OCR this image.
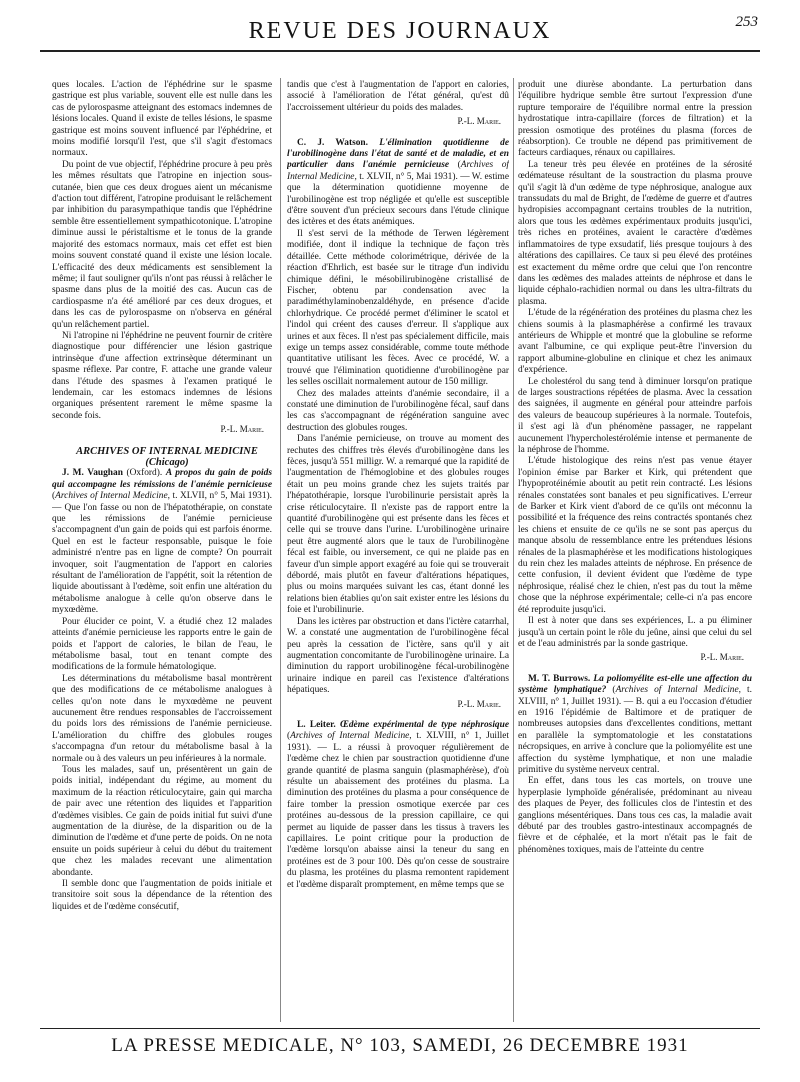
REVUE DES JOURNAUX	253

ques locales. L'action de l'éphédrine sur le spasme gastrique est plus variable, souvent elle est nulle dans les cas de pylorospasme atteignant des estomacs indemnes de lésions locales. Quand il existe de telles lésions, le spasme gastrique est moins souvent influencé par l'éphédrine, et moins modifié lorsqu'il l'est, que s'il s'agit d'estomacs normaux.

Du point de vue objectif, l'éphédrine procure à peu près les mêmes résultats que l'atropine en injection sous-cutanée, bien que ces deux drogues aient un mécanisme d'action tout différent, l'atropine produisant le relâchement par inhibition du parasympathique tandis que l'éphédrine semble être essentiellement sympathicotonique. L'atropine diminue aussi le péristaltisme et le tonus de la grande majorité des estomacs normaux, mais cet effet est bien moins souvent constaté quand il existe une lésion locale. L'efficacité des deux médicaments est sensiblement la même; il faut souligner qu'ils n'ont pas réussi à relâcher le spasme dans plus de la moitié des cas. Aucun cas de cardiospasme n'a été amélioré par ces deux drogues, et dans les cas de pylorospasme on n'observa en général qu'un relâchement partiel.

Ni l'atropine ni l'éphédrine ne peuvent fournir de critère diagnostique pour différencier une lésion gastrique intrinsèque d'une affection extrinsèque déterminant un spasme réflexe. Par contre, F. attache une grande valeur dans l'étude des spasmes à l'examen pratiqué le lendemain, car les estomacs indemnes de lésions organiques présentent rarement le même spasme la seconde fois.

P.-L. Marie.

ARCHIVES OF INTERNAL MEDICINE

(Chicago)

J. M. Vaughan (Oxford). A propos du gain de poids qui accompagne les rémissions de l'anémie pernicieuse (Archives of Internal Medicine, t. XLVII, n° 5, Mai 1931). — Que l'on fasse ou non de l'hépatothérapie, on constate que les rémissions de l'anémie pernicieuse s'accompagnent d'un gain de poids qui est parfois énorme. Quel en est le facteur responsable, puisque le foie administré n'entre pas en ligne de compte? On pourrait invoquer, soit l'augmentation de l'apport en calories résultant de l'amélioration de l'appétit, soit la rétention de liquide aboutissant à l'œdème, soit enfin une altération du métabolisme analogue à celle qu'on observe dans le myxœdème.

Pour élucider ce point, V. a étudié chez 12 malades atteints d'anémie pernicieuse les rapports entre le gain de poids et l'apport de calories, le bilan de l'eau, le métabolisme basal, tout en tenant compte des modifications de la formule hématologique.

Les déterminations du métabolisme basal montrèrent que des modifications de ce métabolisme analogues à celles qu'on note dans le myxœdème ne peuvent aucunement être rendues responsables de l'accroissement du poids lors des rémissions de l'anémie pernicieuse. L'amélioration du chiffre des globules rouges s'accompagna d'un retour du métabolisme basal à la normale ou à des valeurs un peu inférieures à la normale.

Tous les malades, sauf un, présentèrent un gain de poids initial, indépendant du régime, au moment du maximum de la réaction réticulocytaire, gain qui marcha de pair avec une rétention des liquides et l'apparition d'œdèmes visibles. Ce gain de poids initial fut suivi d'une augmentation de la diurèse, de la disparition ou de la diminution de l'œdème et d'une perte de poids. On ne nota ensuite un poids supérieur à celui du début du traitement que chez les malades recevant une alimentation abondante.

Il semble donc que l'augmentation de poids initiale et transitoire soit sous la dépendance de la rétention des liquides et de l'œdème consécutif,

tandis que c'est à l'augmentation de l'apport en calories, associé à l'amélioration de l'état général, qu'est dû l'accroissement ultérieur du poids des malades.

P.-L. Marie.

C. J. Watson. L'élimination quotidienne de l'urobilinogène dans l'état de santé et de maladie, et en particulier dans l'anémie pernicieuse (Archives of Internal Medicine, t. XLVII, n° 5, Mai 1931). — W. estime que la détermination quotidienne moyenne de l'urobilinogène est trop négligée et qu'elle est susceptible d'être souvent d'un précieux secours dans l'étude clinique des ictères et des états anémiques.

Il s'est servi de la méthode de Terwen légèrement modifiée, dont il indique la technique de façon très détaillée. Cette méthode colorimétrique, dérivée de la réaction d'Ehrlich, est basée sur le titrage d'un individu chimique défini, le mésobilirubinogène cristallisé de Fischer, obtenu par condensation avec la paradiméthylaminobenzaldéhyde, en présence d'acide chlorhydrique. Ce procédé permet d'éliminer le scatol et l'indol qui créent des causes d'erreur. Il s'applique aux urines et aux fèces. Il n'est pas spécialement difficile, mais exige un temps assez considérable, comme toute méthode quantitative utilisant les fèces. Avec ce procédé, W. a trouvé que l'élimination quotidienne d'urobilinogène par les selles oscillait normalement autour de 150 milligr.

Chez des malades atteints d'anémie secondaire, il a constaté une diminution de l'urobilinogène fécal, sauf dans les cas s'accompagnant de régénération sanguine avec destruction des globules rouges.

Dans l'anémie pernicieuse, on trouve au moment des rechutes des chiffres très élevés d'urobilinogène dans les fèces, jusqu'à 551 milligr. W. a remarqué que la rapidité de l'augmentation de l'hémoglobine et des globules rouges était un peu moins grande chez les sujets traités par l'hépatothérapie, lorsque l'urobilinurie persistait après la crise réticulocytaire. Il n'existe pas de rapport entre la quantité d'urobilinogène qui est présente dans les fèces et celle qui se trouve dans l'urine. L'urobilinogène urinaire peut être augmenté alors que le taux de l'urobilinogène fécal est faible, ou inversement, ce qui ne plaide pas en faveur d'un simple apport exagéré au foie qui se trouverait débordé, mais plutôt en faveur d'altérations hépatiques, plus ou moins marquées suivant les cas, étant donné les relations bien établies qu'on sait exister entre les lésions du foie et l'urobilinurie.

Dans les ictères par obstruction et dans l'ictère catarrhal, W. a constaté une augmentation de l'urobilinogène fécal peu après la cessation de l'ictère, sans qu'il y ait augmentation concomitante de l'urobilinogène urinaire. La diminution du rapport urobilinogène fécal-urobilinogène urinaire indique en pareil cas l'existence d'altérations hépatiques.

P.-L. Marie.

L. Leiter. Œdème expérimental de type néphrosique (Archives of Internal Medicine, t. XLVIII, n° 1, Juillet 1931). — L. a réussi à provoquer régulièrement de l'œdème chez le chien par soustraction quotidienne d'une grande quantité de plasma sanguin (plasmaphérèse), d'où résulte un abaissement des protéines du plasma. La diminution des protéines du plasma a pour conséquence de faire tomber la pression osmotique exercée par ces protéines au-dessous de la pression capillaire, ce qui permet au liquide de passer dans les tissus à travers les capillaires. Le point critique pour la production de l'œdème lorsqu'on abaisse ainsi la teneur du sang en protéines est de 3 pour 100. Dès qu'on cesse de soustraire du plasma, les protéines du plasma remontent rapidement et l'œdème disparaît promptement, en même temps que se

produit une diurèse abondante. La perturbation dans l'équilibre hydrique semble être surtout l'expression d'une rupture temporaire de l'équilibre normal entre la pression hydrostatique intra-capillaire (forces de filtration) et la pression osmotique des protéines du plasma (forces de réabsorption). Ce trouble ne dépend pas primitivement de facteurs cardiaques, rénaux ou capillaires.

La teneur très peu élevée en protéines de la sérosité œdémateuse résultant de la soustraction du plasma prouve qu'il s'agit là d'un œdème de type néphrosique, analogue aux transsudats du mal de Bright, de l'œdème de guerre et d'autres hydropisies accompagnant certains troubles de la nutrition, alors que tous les œdèmes expérimentaux produits jusqu'ici, très riches en protéines, avaient le caractère d'œdèmes inflammatoires de type exsudatif, liés presque toujours à des altérations des capillaires. Ce taux si peu élevé des protéines est exactement du même ordre que celui que l'on rencontre dans les œdèmes des malades atteints de néphrose et dans le liquide céphalo-rachidien normal ou dans les ultra-filtrats du plasma.

L'étude de la régénération des protéines du plasma chez les chiens soumis à la plasmaphérèse a confirmé les travaux antérieurs de Whipple et montré que la globuline se reforme avant l'albumine, ce qui explique peut-être l'inversion du rapport albumine-globuline en clinique et chez les animaux d'expérience.

Le cholestérol du sang tend à diminuer lorsqu'on pratique de larges soustractions répétées de plasma. Avec la cessation des saignées, il augmente en général pour atteindre parfois des valeurs de beaucoup supérieures à la normale. Toutefois, il s'est agi là d'un phénomène passager, ne rappelant aucunement l'hypercholestérolémie intense et permanente de la néphrose de l'homme.

L'étude histologique des reins n'est pas venue étayer l'opinion émise par Barker et Kirk, qui prétendent que l'hypoprotéinémie aboutit au petit rein contracté. Les lésions rénales constatées sont banales et peu significatives. L'erreur de Barker et Kirk vient d'abord de ce qu'ils ont méconnu la possibilité et la fréquence des reins contractés spontanés chez les chiens et ensuite de ce qu'ils ne se sont pas aperçus du manque absolu de ressemblance entre les prétendues lésions rénales de la plasmaphérèse et les modifications histologiques du rein chez les malades atteints de néphrose. En présence de cette confusion, il devient évident que l'œdème de type néphrosique, réalisé chez le chien, n'est pas du tout la même chose que la néphrose expérimentale; celle-ci n'a pas encore été reproduite jusqu'ici.

Il est à noter que dans ses expériences, L. a pu éliminer jusqu'à un certain point le rôle du jeûne, ainsi que celui du sel et de l'eau administrés par la sonde gastrique.

P.-L. Marie.

M. T. Burrows. La poliomyélite est-elle une affection du système lymphatique? (Archives of Internal Medicine, t. XLVIII, n° 1, Juillet 1931). — B. qui a eu l'occasion d'étudier en 1916 l'épidémie de Baltimore et de pratiquer de nombreuses autopsies dans d'excellentes conditions, mettant en parallèle la symptomatologie et les constatations nécropsiques, en arrive à conclure que la poliomyélite est une affection du système lymphatique, et non une maladie primitive du système nerveux central.

En effet, dans tous les cas mortels, on trouve une hyperplasie lymphoïde généralisée, prédominant au niveau des plaques de Peyer, des follicules clos de l'intestin et des ganglions mésentériques. Dans tous ces cas, la maladie avait débuté par des troubles gastro-intestinaux accompagnés de fièvre et de céphalée, et la mort n'était pas le fait de phénomènes toxiques, mais de l'atteinte du centre

LA PRESSE MEDICALE, N° 103, SAMEDI, 26 DECEMBRE 1931
